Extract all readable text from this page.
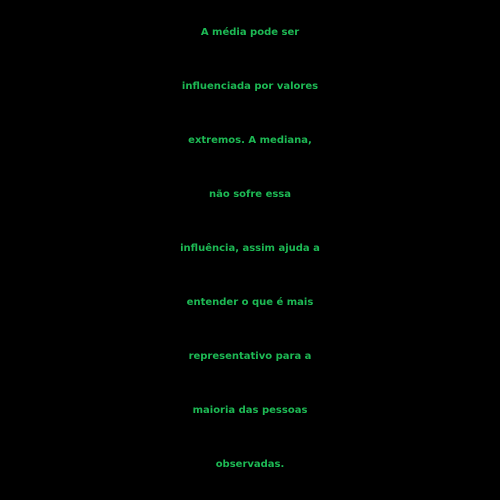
A média pode ser
influenciada por valores
extremos. A mediana,
não sofre essa
influência, assim ajuda a
entender o que é mais
representativo para a
maioria das pessoas
observadas.
